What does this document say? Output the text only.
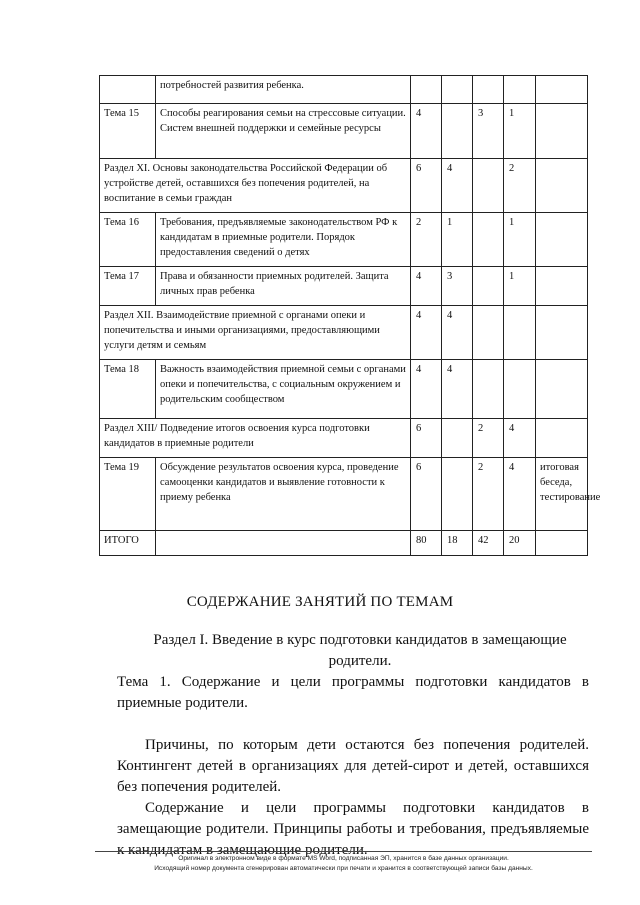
	потребностей развития ребенка.					
Тема 15	Способы реагирования семьи на стрессовые ситуации. Систем внешней поддержки и семейные ресурсы	4		3	1	
Раздел XI. Основы законодательства Российской Федерации об устройстве детей, оставшихся без попечения родителей, на воспитание в семьи граждан		6	4		2	
Тема 16	Требования, предъявляемые законодательством РФ к кандидатам в приемные родители. Порядок предоставления сведений о детях	2	1		1	
Тема 17	Права и обязанности приемных родителей. Защита личных прав ребенка	4	3		1	
Раздел XII. Взаимодействие приемной с органами опеки и попечительства и иными организациями, предоставляющими услуги детям и семьям		4	4			
Тема 18	Важность взаимодействия приемной семьи с органами опеки и попечительства, с социальным окружением и родительским сообществом	4	4			
Раздел XIII/ Подведение итогов освоения курса подготовки кандидатов в приемные родители		6		2	4	
Тема 19	Обсуждение результатов освоения курса, проведение самооценки кандидатов и выявление готовности к приему ребенка	6		2	4	итоговая беседа, тестирование
ИТОГО		80	18	42	20	
СОДЕРЖАНИЕ ЗАНЯТИЙ ПО ТЕМАМ
Раздел I. Введение в курс подготовки кандидатов в замещающие родители.
Тема 1. Содержание и цели программы подготовки кандидатов в приемные родители.
Причины, по которым дети остаются без попечения родителей. Контингент детей в организациях для детей-сирот и детей, оставшихся без попечения родителей.
Содержание и цели программы подготовки кандидатов в замещающие родители. Принципы работы и требования, предъявляемые к кандидатам в замещающие родители.
Оригинал в электронном виде в формате MS Word, подписанная ЭП, хранится в базе данных организации.
Исходящий номер документа сгенерирован автоматически при печати и хранится в соответствующей записи базы данных.
